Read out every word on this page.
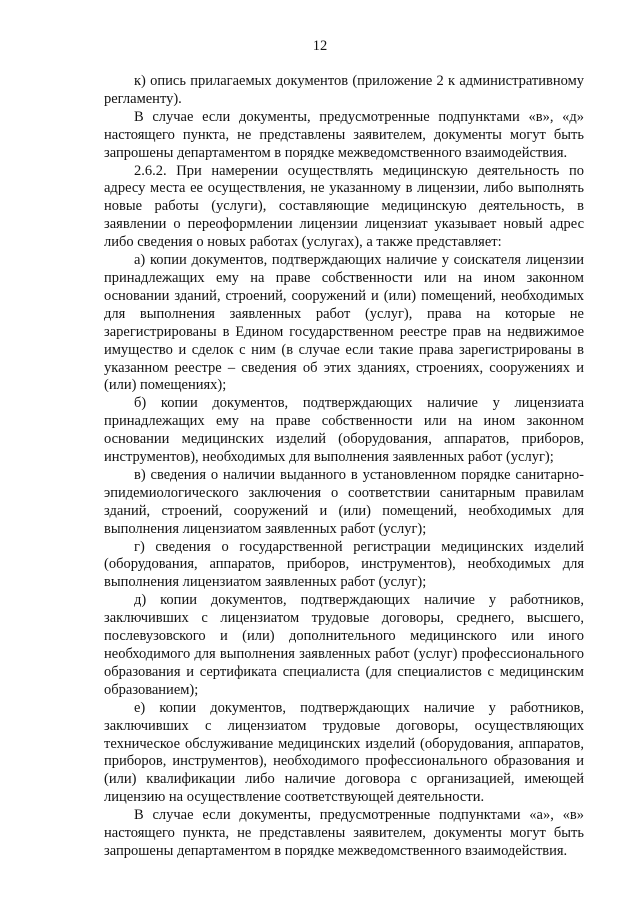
12

к) опись прилагаемых документов (приложение 2 к административному регламенту).

В случае если документы, предусмотренные подпунктами «в», «д» настоящего пункта, не представлены заявителем, документы могут быть запрошены департаментом в порядке межведомственного взаимодействия.

2.6.2. При намерении осуществлять медицинскую деятельность по адресу места ее осуществления, не указанному в лицензии, либо выполнять новые работы (услуги), составляющие медицинскую деятельность, в заявлении о переоформлении лицензии лицензиат указывает новый адрес либо сведения о новых работах (услугах), а также представляет:

а) копии документов, подтверждающих наличие у соискателя лицензии принадлежащих ему на праве собственности или на ином законном основании зданий, строений, сооружений и (или) помещений, необходимых для выполнения заявленных работ (услуг), права на которые не зарегистрированы в Едином государственном реестре прав на недвижимое имущество и сделок с ним (в случае если такие права зарегистрированы в указанном реестре – сведения об этих зданиях, строениях, сооружениях и (или) помещениях);

б) копии документов, подтверждающих наличие у лицензиата принадлежащих ему на праве собственности или на ином законном основании медицинских изделий (оборудования, аппаратов, приборов, инструментов), необходимых для выполнения заявленных работ (услуг);

в) сведения о наличии выданного в установленном порядке санитарно-эпидемиологического заключения о соответствии санитарным правилам зданий, строений, сооружений и (или) помещений, необходимых для выполнения лицензиатом заявленных работ (услуг);

г) сведения о государственной регистрации медицинских изделий (оборудования, аппаратов, приборов, инструментов), необходимых для выполнения лицензиатом заявленных работ (услуг);

д) копии документов, подтверждающих наличие у работников, заключивших с лицензиатом трудовые договоры, среднего, высшего, послевузовского и (или) дополнительного медицинского или иного необходимого для выполнения заявленных работ (услуг) профессионального образования и сертификата специалиста (для специалистов с медицинским образованием);

е) копии документов, подтверждающих наличие у работников, заключивших с лицензиатом трудовые договоры, осуществляющих техническое обслуживание медицинских изделий (оборудования, аппаратов, приборов, инструментов), необходимого профессионального образования и (или) квалификации либо наличие договора с организацией, имеющей лицензию на осуществление соответствующей деятельности.

В случае если документы, предусмотренные подпунктами «а», «в» настоящего пункта, не представлены заявителем, документы могут быть запрошены департаментом в порядке межведомственного взаимодействия.
